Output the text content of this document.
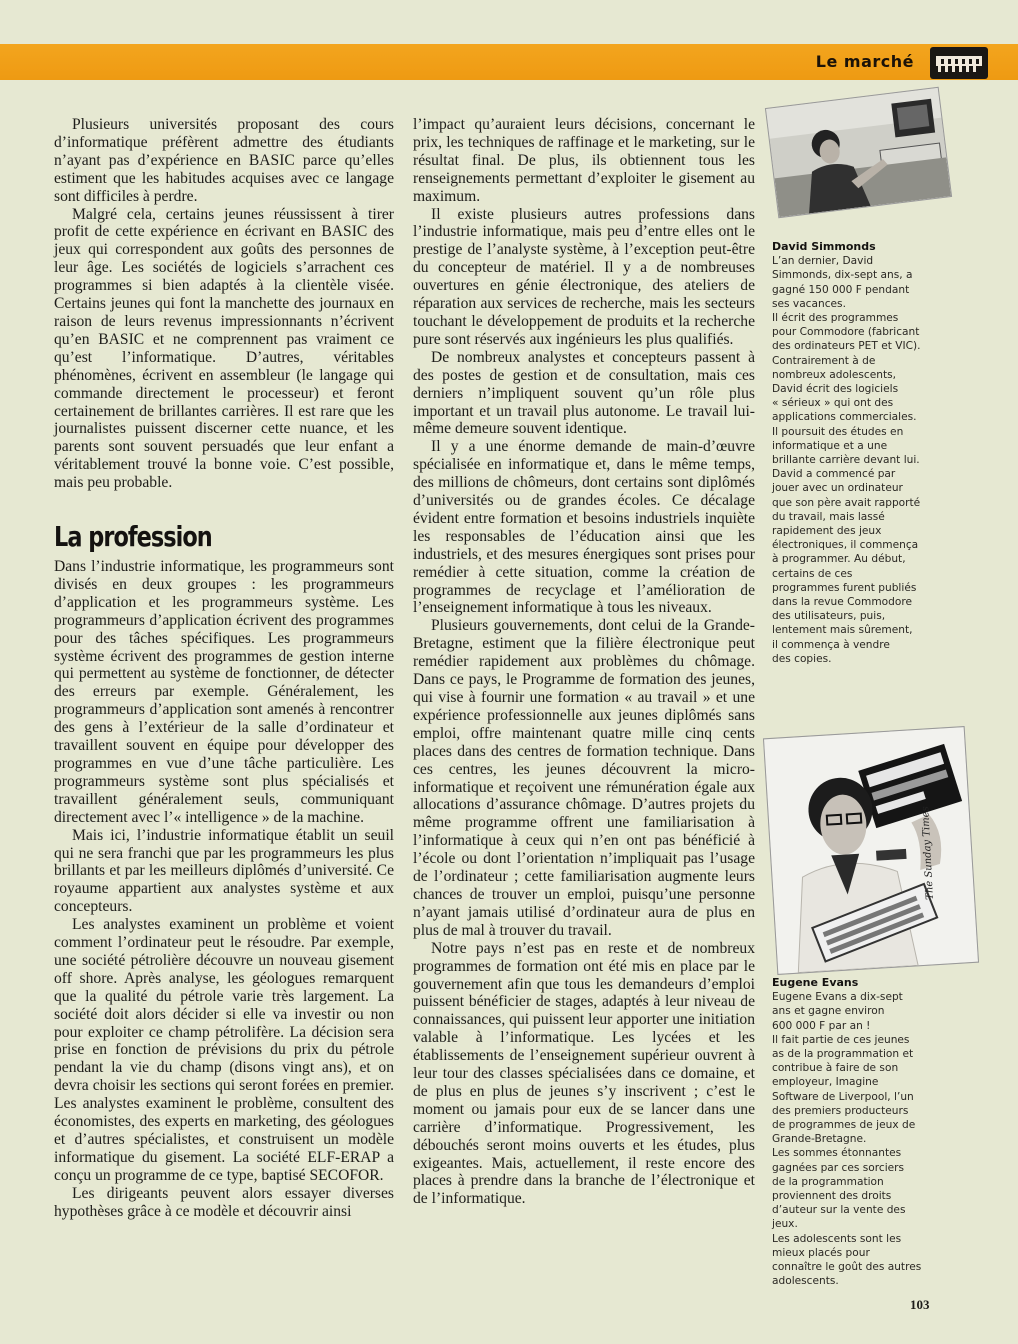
Le marché

Plusieurs universités proposant des cours d’informatique préfèrent admettre des étudiants n’ayant pas d’expérience en BASIC parce qu’elles estiment que les habitudes acquises avec ce langage sont difficiles à perdre.

Malgré cela, certains jeunes réussissent à tirer profit de cette expérience en écrivant en BASIC des jeux qui correspondent aux goûts des personnes de leur âge. Les sociétés de logiciels s’arrachent ces programmes si bien adaptés à la clientèle visée. Certains jeunes qui font la manchette des journaux en raison de leurs revenus impressionnants n’écrivent qu’en BASIC et ne comprennent pas vraiment ce qu’est l’informatique. D’autres, véritables phénomènes, écrivent en assembleur (le langage qui commande directement le processeur) et feront certainement de brillantes carrières. Il est rare que les journalistes puissent discerner cette nuance, et les parents sont souvent persuadés que leur enfant a véritablement trouvé la bonne voie. C’est possible, mais peu probable.

La profession

Dans l’industrie informatique, les programmeurs sont divisés en deux groupes : les programmeurs d’application et les programmeurs système. Les programmeurs d’application écrivent des programmes pour des tâches spécifiques. Les programmeurs système écrivent des programmes de gestion interne qui permettent au système de fonctionner, de détecter des erreurs par exemple. Généralement, les programmeurs d’application sont amenés à rencontrer des gens à l’extérieur de la salle d’ordinateur et travaillent souvent en équipe pour développer des programmes en vue d’une tâche particulière. Les programmeurs système sont plus spécialisés et travaillent généralement seuls, communiquant directement avec l’« intelligence » de la machine.

Mais ici, l’industrie informatique établit un seuil qui ne sera franchi que par les programmeurs les plus brillants et par les meilleurs diplômés d’université. Ce royaume appartient aux analystes système et aux concepteurs.

Les analystes examinent un problème et voient comment l’ordinateur peut le résoudre. Par exemple, une société pétrolière découvre un nouveau gisement off shore. Après analyse, les géologues remarquent que la qualité du pétrole varie très largement. La société doit alors décider si elle va investir ou non pour exploiter ce champ pétrolifère. La décision sera prise en fonction de prévisions du prix du pétrole pendant la vie du champ (disons vingt ans), et on devra choisir les sections qui seront forées en premier. Les analystes examinent le problème, consultent des économistes, des experts en marketing, des géologues et d’autres spécialistes, et construisent un modèle informatique du gisement. La société ELF-ERAP a conçu un programme de ce type, baptisé SECOFOR.

Les dirigeants peuvent alors essayer diverses hypothèses grâce à ce modèle et découvrir ainsi

l’impact qu’auraient leurs décisions, concernant le prix, les techniques de raffinage et le marketing, sur le résultat final. De plus, ils obtiennent tous les renseignements permettant d’exploiter le gisement au maximum.

Il existe plusieurs autres professions dans l’industrie informatique, mais peu d’entre elles ont le prestige de l’analyste système, à l’exception peut-être du concepteur de matériel. Il y a de nombreuses ouvertures en génie électronique, des ateliers de réparation aux services de recherche, mais les secteurs touchant le développement de produits et la recherche pure sont réservés aux ingénieurs les plus qualifiés.

De nombreux analystes et concepteurs passent à des postes de gestion et de consultation, mais ces derniers n’impliquent souvent qu’un rôle plus important et un travail plus autonome. Le travail lui-même demeure souvent identique.

Il y a une énorme demande de main-d’œuvre spécialisée en informatique et, dans le même temps, des millions de chômeurs, dont certains sont diplômés d’universités ou de grandes écoles. Ce décalage évident entre formation et besoins industriels inquiète les responsables de l’éducation ainsi que les industriels, et des mesures énergiques sont prises pour remédier à cette situation, comme la création de programmes de recyclage et l’amélioration de l’enseignement informatique à tous les niveaux.

Plusieurs gouvernements, dont celui de la Grande-Bretagne, estiment que la filière électronique peut remédier rapidement aux problèmes du chômage. Dans ce pays, le Programme de formation des jeunes, qui vise à fournir une formation « au travail » et une expérience professionnelle aux jeunes diplômés sans emploi, offre maintenant quatre mille cinq cents places dans des centres de formation technique. Dans ces centres, les jeunes découvrent la micro-informatique et reçoivent une rémunération égale aux allocations d’assurance chômage. D’autres projets du même programme offrent une familiarisation à l’informatique à ceux qui n’en ont pas bénéficié à l’école ou dont l’orientation n’impliquait pas l’usage de l’ordinateur ; cette familiarisation augmente leurs chances de trouver un emploi, puisqu’une personne n’ayant jamais utilisé d’ordinateur aura de plus en plus de mal à trouver du travail.

Notre pays n’est pas en reste et de nombreux programmes de formation ont été mis en place par le gouvernement afin que tous les demandeurs d’emploi puissent bénéficier de stages, adaptés à leur niveau de connaissances, qui puissent leur apporter une initiation valable à l’informatique. Les lycées et les établissements de l’enseignement supérieur ouvrent à leur tour des classes spécialisées dans ce domaine, et de plus en plus de jeunes s’y inscrivent ; c’est le moment ou jamais pour eux de se lancer dans une carrière d’informatique. Progressivement, les débouchés seront moins ouverts et les études, plus exigeantes. Mais, actuellement, il reste encore des places à prendre dans la branche de l’électronique et de l’informatique.

David Simmonds
L’an dernier, David
Simmonds, dix-sept ans, a
gagné 150 000 F pendant
ses vacances.
Il écrit des programmes
pour Commodore (fabricant
des ordinateurs PET et VIC).
Contrairement à de
nombreux adolescents,
David écrit des logiciels
« sérieux » qui ont des
applications commerciales.
Il poursuit des études en
informatique et a une
brillante carrière devant lui.
David a commencé par
jouer avec un ordinateur
que son père avait rapporté
du travail, mais lassé
rapidement des jeux
électroniques, il commença
à programmer. Au début,
certains de ces
programmes furent publiés
dans la revue Commodore
des utilisateurs, puis,
lentement mais sûrement,
il commença à vendre
des copies.
The Sunday Times
Eugene Evans
Eugene Evans a dix-sept
ans et gagne environ
600 000 F par an !
Il fait partie de ces jeunes
as de la programmation et
contribue à faire de son
employeur, Imagine
Software de Liverpool, l’un
des premiers producteurs
de programmes de jeux de
Grande-Bretagne.
Les sommes étonnantes
gagnées par ces sorciers
de la programmation
proviennent des droits
d’auteur sur la vente des
jeux.
Les adolescents sont les
mieux placés pour
connaître le goût des autres
adolescents.
103
